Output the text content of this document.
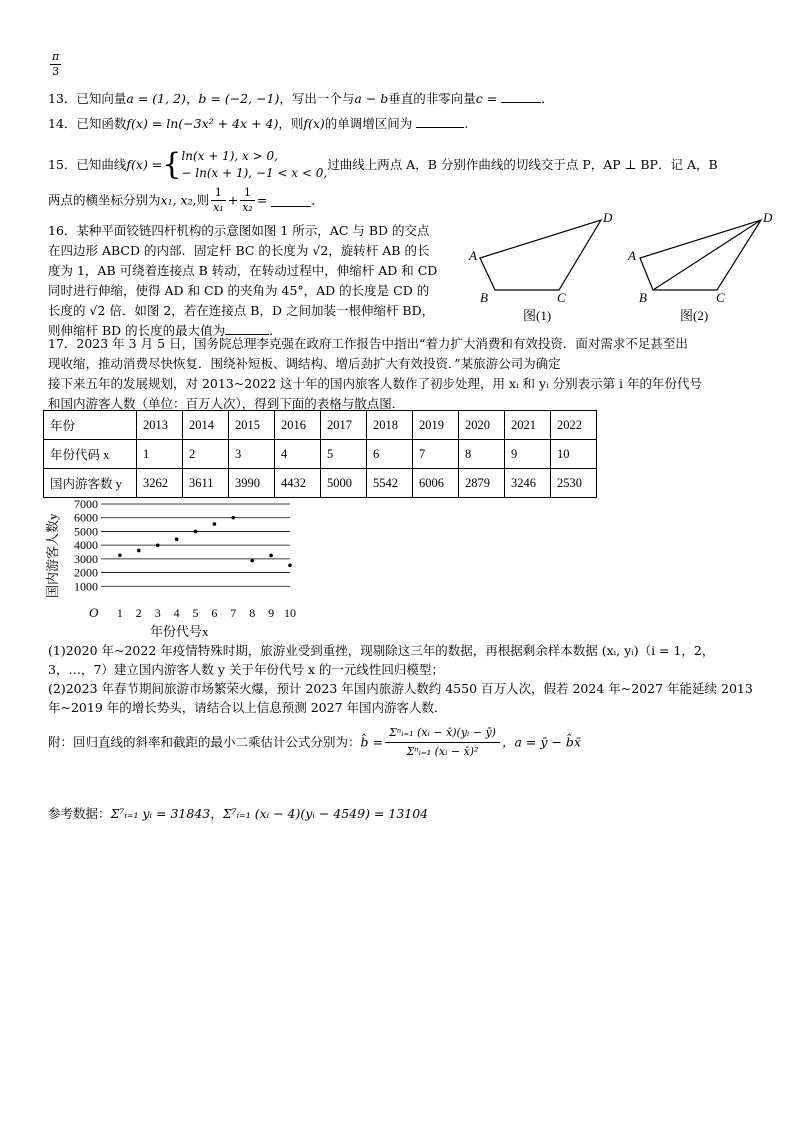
$\frac{\pi}{3}$
13．已知向量a = (1, 2)，b = (−2, −1)，写出一个与a − b垂直的非零向量c =	．
14．已知函数f(x) = ln(−3x² + 4x + 4)，则f(x)的单调增区间为	.
15．已知曲线f(x) ={ln(x + 1), x > 0,
− ln(x + 1), −1 < x < 0,过曲线上两点 A，B 分别作曲线的切线交于点 P，AP ⊥ BP．记 A，B
两点的横坐标分别为x₁, x₂,则 $\frac{1}{\text{x₁}} + \frac{1}{\text{x₂}}$ =	．
16．某种平面铰链四杆机构的示意图如图 1 所示，AC 与 BD 的交点
在四边形 ABCD 的内部．固定杆 BC 的长度为 √2，旋转杆 AB 的长
度为 1，AB 可绕着连接点 B 转动，在转动过程中，伸缩杆 AD 和 CD
同时进行伸缩，使得 AD 和 CD 的夹角为 45°，AD 的长度是 CD 的
长度的 √2 倍．如图 2，若在连接点 B，D 之间加装一根伸缩杆 BD，
则伸缩杆 BD 的长度的最大值为	．
A
B	C
D
图(1)
A
B	C
D
图(2)
17．2023 年 3 月 5 日，国务院总理李克强在政府工作报告中指出“着力扩大消费和有效投资．面对需求不足甚至出
现收缩，推动消费尽快恢复．围绕补短板、调结构、增后劲扩大有效投资．”某旅游公司为确定
接下来五年的发展规划，对 2013~2022 这十年的国内旅客人数作了初步处理，用 xᵢ 和 yᵢ 分别表示第 i 年的年份代号
和国内游客人数（单位：百万人次），得到下面的表格与散点图．
年份	2013	2014	2015	2016	2017	2018	2019	2020	2021	2022
年份代码 x	1	2	3	4	5	6	7	8	9	10
国内游客数 y	3262	3611	3990	4432	5000	5542	6006	2879	3246	2530
1000
2000
3000
4000
5000
6000
7000
1 2 3 4 5 6 7 8 9 10
O
年份代号x
国内游客人数y
(1)2020 年~2022 年疫情特殊时期，旅游业受到重挫，现剔除这三年的数据，再根据剩余样本数据 (xᵢ, yᵢ)（i = 1，2，
3，…，7）建立国内游客人数 y 关于年份代号 x 的一元线性回归模型；
(2)2023 年春节期间旅游市场繁荣火爆，预计 2023 年国内旅游人数约 4550 百万人次，假若 2024 年~2027 年能延续 2013
年~2019 年的增长势头，请结合以上信息预测 2027 年国内游客人数．
附：回归直线的斜率和截距的最小二乘估计公式分别为：b̂ = $\frac{\text{Σⁿᵢ₌₁ (xᵢ − x̄)(yᵢ − ȳ)}}{\text{Σⁿᵢ₌₁ (xᵢ − x̄)²}}$ ，a = ȳ − b̂x̄
参考数据：Σ⁷ᵢ₌₁ yᵢ = 31843，Σ⁷ᵢ₌₁ (xᵢ − 4)(yᵢ − 4549) = 13104
